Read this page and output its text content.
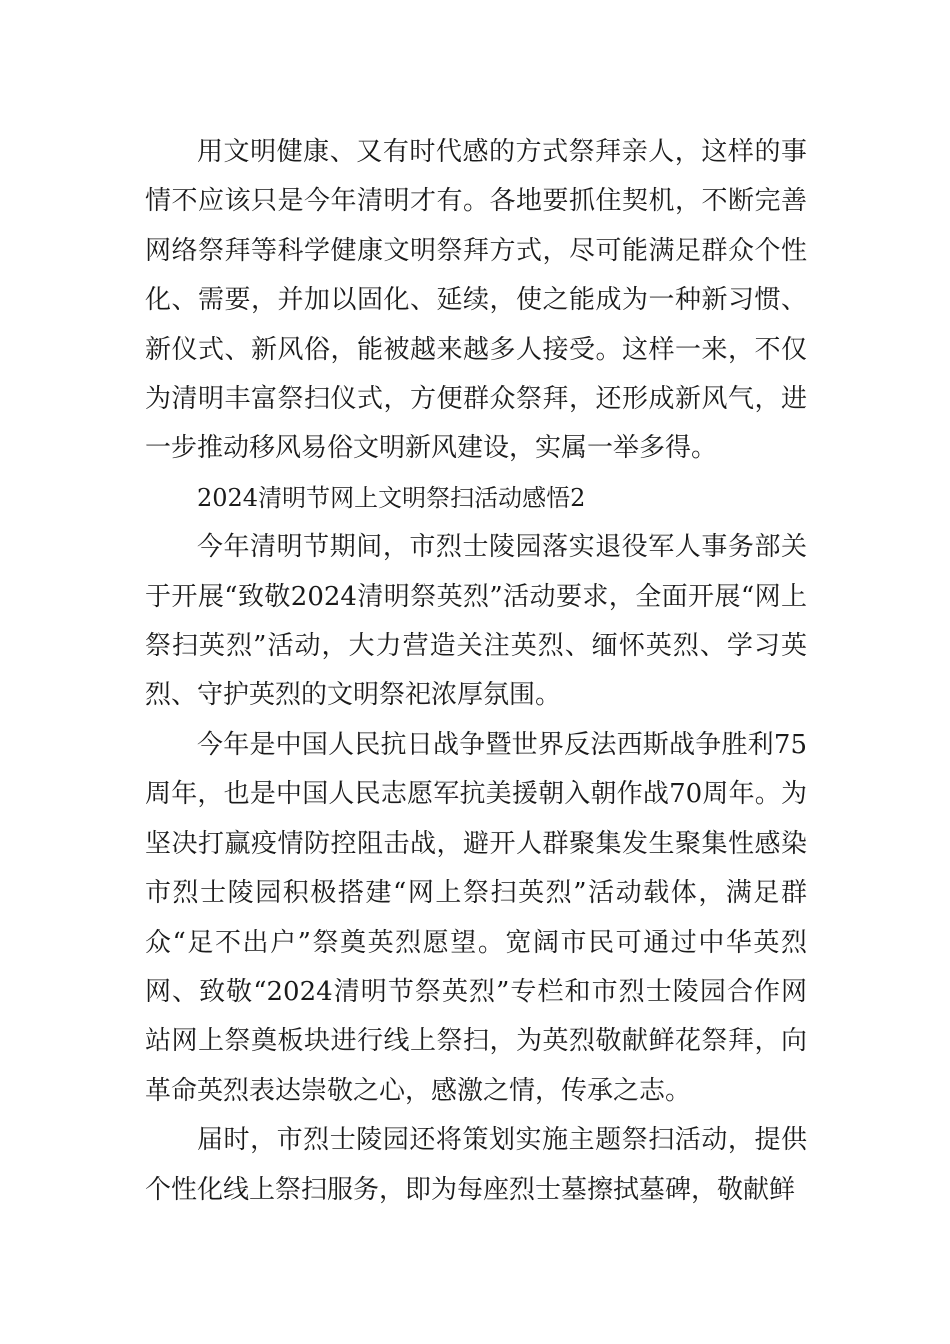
用文明健康、又有时代感的方式祭拜亲人，这样的事情不应该只是今年清明才有。各地要抓住契机，不断完善网络祭拜等科学健康文明祭拜方式，尽可能满足群众个性化、需要，并加以固化、延续，使之能成为一种新习惯、新仪式、新风俗，能被越来越多人接受。这样一来，不仅为清明丰富祭扫仪式，方便群众祭拜，还形成新风气，进一步推动移风易俗文明新风建设，实属一举多得。

2024清明节网上文明祭扫活动感悟2

今年清明节期间，市烈士陵园落实退役军人事务部关于开展“致敬2024清明祭英烈”活动要求，全面开展“网上祭扫英烈”活动，大力营造关注英烈、缅怀英烈、学习英烈、守护英烈的文明祭祀浓厚氛围。

今年是中国人民抗日战争暨世界反法西斯战争胜利75周年，也是中国人民志愿军抗美援朝入朝作战70周年。为坚决打赢疫情防控阻击战，避开人群聚集发生聚集性感染市烈士陵园积极搭建“网上祭扫英烈”活动载体，满足群众“足不出户”祭奠英烈愿望。宽阔市民可通过中华英烈网、致敬“2024清明节祭英烈”专栏和市烈士陵园合作网站网上祭奠板块进行线上祭扫，为英烈敬献鲜花祭拜，向革命英烈表达崇敬之心，感激之情，传承之志。

届时，市烈士陵园还将策划实施主题祭扫活动，提供个性化线上祭扫服务，即为每座烈士墓擦拭墓碑，敬献鲜
